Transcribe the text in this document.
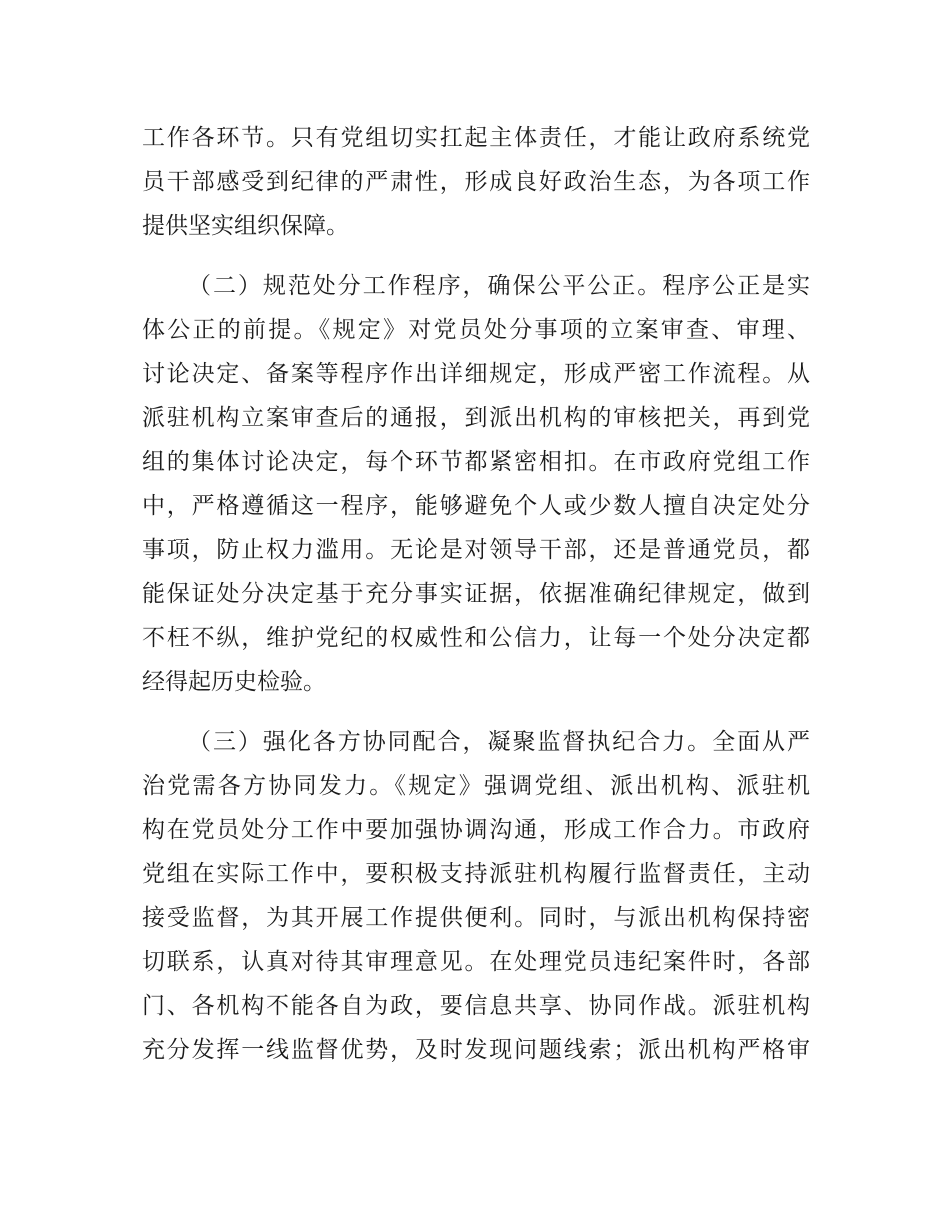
工作各环节。只有党组切实扛起主体责任，才能让政府系统党
员干部感受到纪律的严肃性，形成良好政治生态，为各项工作
提供坚实组织保障。
（二）规范处分工作程序，确保公平公正。程序公正是实
体公正的前提。《规定》对党员处分事项的立案审查、审理、
讨论决定、备案等程序作出详细规定，形成严密工作流程。从
派驻机构立案审查后的通报，到派出机构的审核把关，再到党
组的集体讨论决定，每个环节都紧密相扣。在市政府党组工作
中，严格遵循这一程序，能够避免个人或少数人擅自决定处分
事项，防止权力滥用。无论是对领导干部，还是普通党员，都
能保证处分决定基于充分事实证据，依据准确纪律规定，做到
不枉不纵，维护党纪的权威性和公信力，让每一个处分决定都
经得起历史检验。
（三）强化各方协同配合，凝聚监督执纪合力。全面从严
治党需各方协同发力。《规定》强调党组、派出机构、派驻机
构在党员处分工作中要加强协调沟通，形成工作合力。市政府
党组在实际工作中，要积极支持派驻机构履行监督责任，主动
接受监督，为其开展工作提供便利。同时，与派出机构保持密
切联系，认真对待其审理意见。在处理党员违纪案件时，各部
门、各机构不能各自为政，要信息共享、协同作战。派驻机构
充分发挥一线监督优势，及时发现问题线索；派出机构严格审
